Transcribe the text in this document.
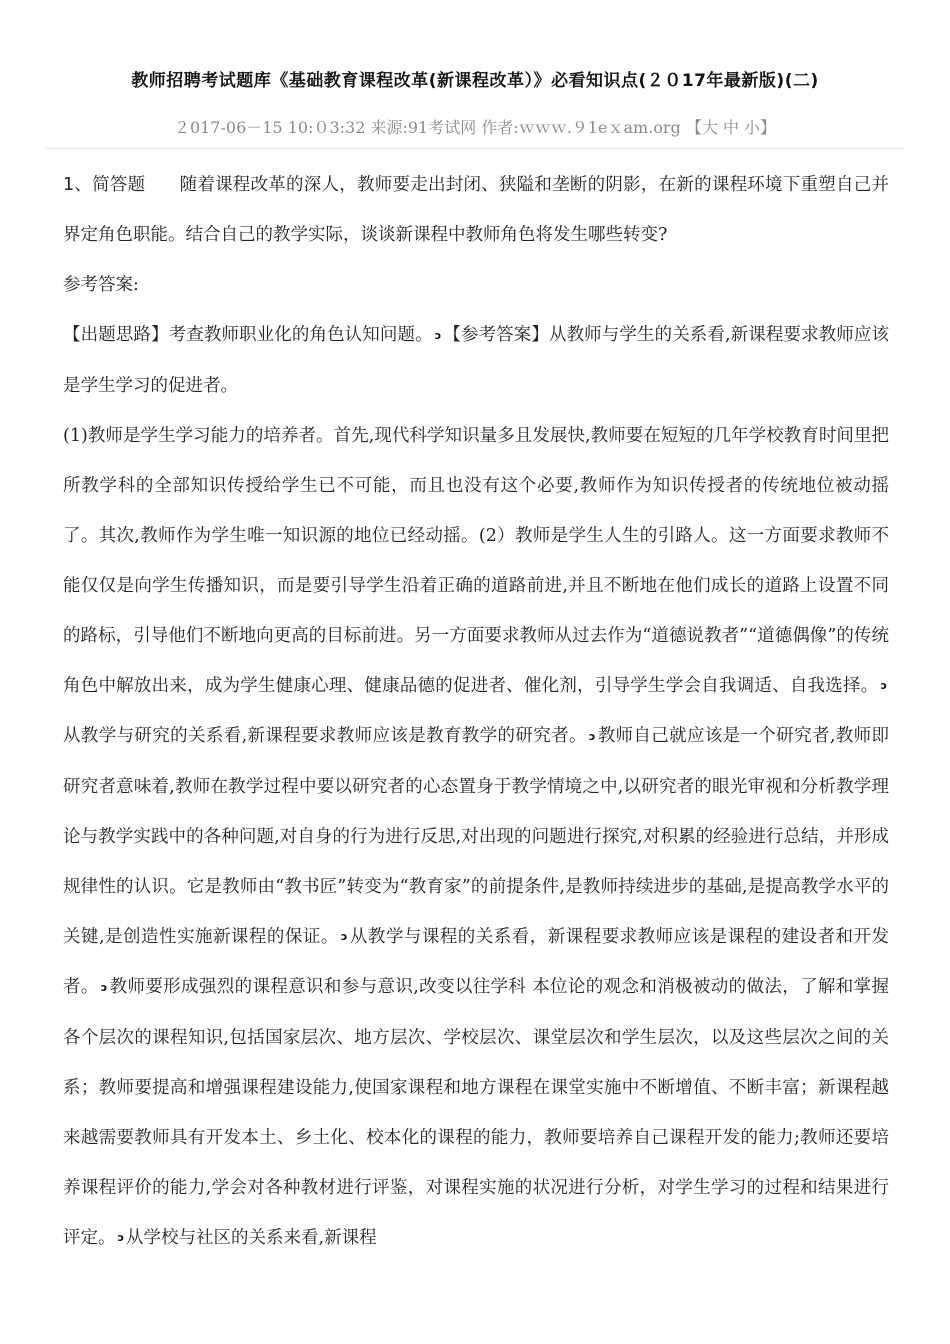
教师招聘考试题库《基础教育课程改革(新课程改革）》必看知识点(２０17年最新版)(二)
２017-06－15 10:０3:32 来源:91考试网 作者:ｗｗｗ.９1eｘam.org 【大 中 小】

1、简答题 随着课程改革的深人，教师要走出封闭、狭隘和垄断的阴影，在新的课程环境下重塑自己并界定角色职能。结合自己的教学实际，谈谈新课程中教师角色将发生哪些转变?

参考答案:

【出题思路】考查教师职业化的角色认知问题。 ↄ 【参考答案】从教师与学生的关系看,新课程要求教师应该是学生学习的促进者。

(1)教师是学生学习能力的培养者。首先,现代科学知识量多且发展快,教师要在短短的几年学校教育时间里把所教学科的全部知识传授给学生已不可能，而且也没有这个必要,教师作为知识传授者的传统地位被动摇了。其次,教师作为学生唯一知识源的地位已经动摇。(2）教师是学生人生的引路人。这一方面要求教师不能仅仅是向学生传播知识，而是要引导学生沿着正确的道路前进,并且不断地在他们成长的道路上设置不同的路标，引导他们不断地向更高的目标前进。另一方面要求教师从过去作为“道德说教者”“道德偶像”的传统角色中解放出来，成为学生健康心理、健康品德的促进者、催化剂，引导学生学会自我调适、自我选择。 ↄ从教学与研究的关系看,新课程要求教师应该是教育教学的研究者。 ↄ 教师自己就应该是一个研究者,教师即研究者意味着,教师在教学过程中要以研究者的心态置身于教学情境之中,以研究者的眼光审视和分析教学理论与教学实践中的各种问题,对自身的行为进行反思,对出现的问题进行探究,对积累的经验进行总结，并形成规律性的认识。它是教师由“教书匠”转变为“教育家”的前提条件,是教师持续进步的基础,是提高教学水平的关键,是创造性实施新课程的保证。 ↄ 从教学与课程的关系看，新课程要求教师应该是课程的建设者和开发者。 ↄ 教师要形成强烈的课程意识和参与意识,改变以往学科 本位论的观念和消极被动的做法，了解和掌握各个层次的课程知识,包括国家层次、地方层次、学校层次、课堂层次和学生层次，以及这些层次之间的关系；教师要提高和增强课程建设能力,使国家课程和地方课程在课堂实施中不断增值、不断丰富；新课程越来越需要教师具有开发本土、乡土化、校本化的课程的能力，教师要培养自己课程开发的能力;教师还要培养课程评价的能力,学会对各种教材进行评鉴，对课程实施的状况进行分析，对学生学习的过程和结果进行评定。 ↄ 从学校与社区的关系来看,新课程
